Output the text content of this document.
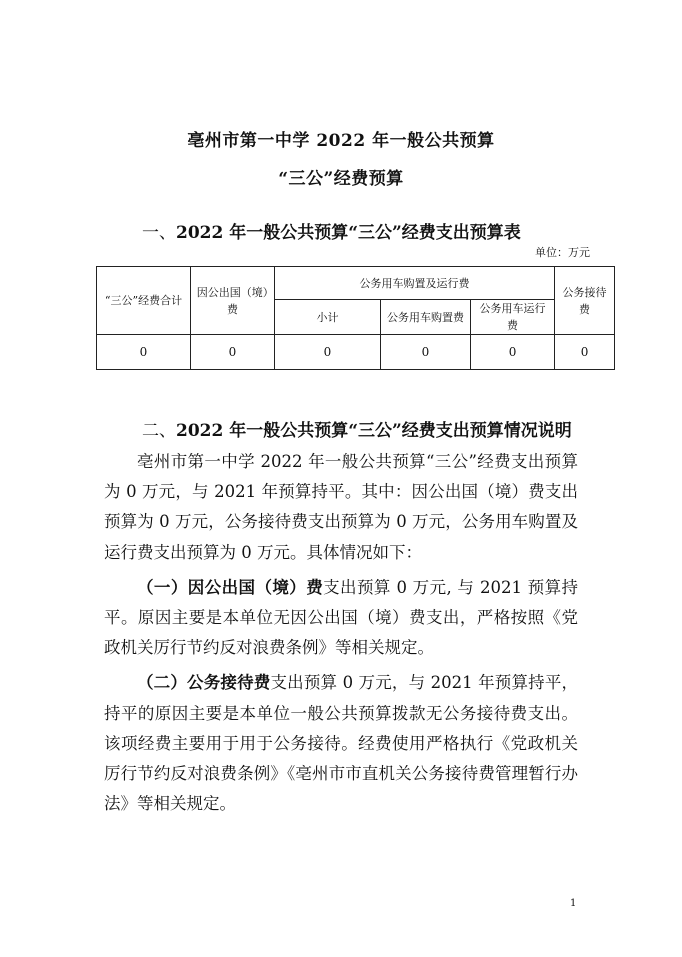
亳州市第一中学 2022 年一般公共预算
“三公”经费预算
一、2022 年一般公共预算“三公”经费支出预算表
单位：万元
“三公”经费合计	因公出国（境）费	公务用车购置及运行费			公务接待费
		小计	公务用车购置费	公务用车运行费	
0	0	0	0	0	0
二、2022 年一般公共预算“三公”经费支出预算情况说明

亳州市第一中学 2022 年一般公共预算“三公”经费支出预算为 0 万元，与 2021 年预算持平。其中：因公出国（境）费支出预算为 0 万元，公务接待费支出预算为 0 万元，公务用车购置及运行费支出预算为 0 万元。具体情况如下：

（一）因公出国（境）费支出预算 0 万元, 与 2021 预算持平。原因主要是本单位无因公出国（境）费支出，严格按照《党政机关厉行节约反对浪费条例》等相关规定。

（二）公务接待费支出预算 0 万元，与 2021 年预算持平，持平的原因主要是本单位一般公共预算拨款无公务接待费支出。该项经费主要用于用于公务接待。经费使用严格执行《党政机关厉行节约反对浪费条例》《亳州市市直机关公务接待费管理暂行办法》等相关规定。

1
